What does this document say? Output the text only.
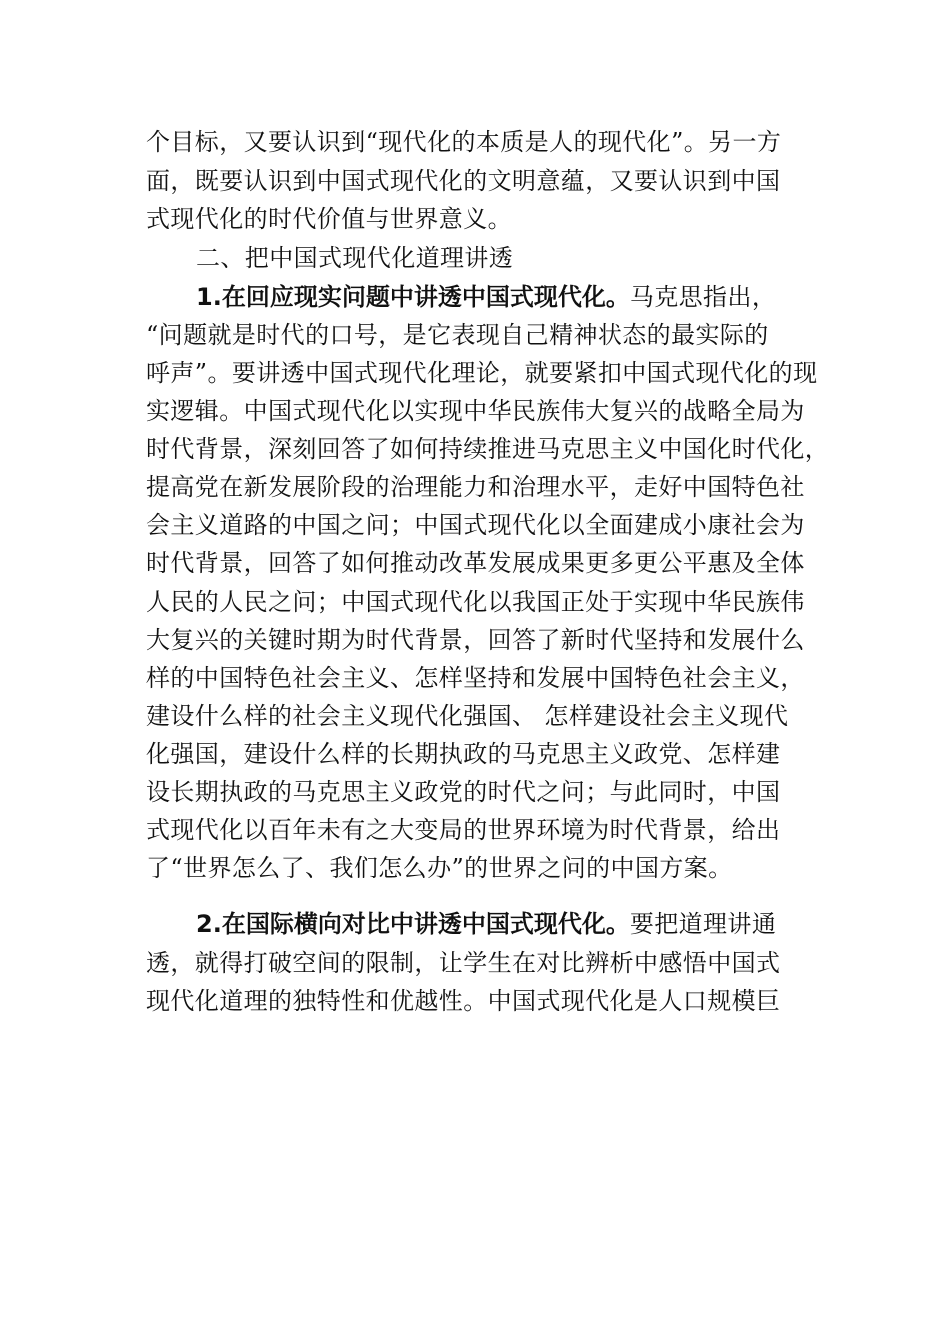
个目标，又要认识到“现代化的本质是人的现代化”。另一方
面，既要认识到中国式现代化的文明意蕴，又要认识到中国
式现代化的时代价值与世界意义。
二、把中国式现代化道理讲透
1.在回应现实问题中讲透中国式现代化。马克思指出，
“问题就是时代的口号，是它表现自己精神状态的最实际的
呼声”。要讲透中国式现代化理论，就要紧扣中国式现代化的现
实逻辑。中国式现代化以实现中华民族伟大复兴的战略全局为
时代背景，深刻回答了如何持续推进马克思主义中国化时代化，
提高党在新发展阶段的治理能力和治理水平，走好中国特色社
会主义道路的中国之问；中国式现代化以全面建成小康社会为
时代背景，回答了如何推动改革发展成果更多更公平惠及全体
人民的人民之问；中国式现代化以我国正处于实现中华民族伟
大复兴的关键时期为时代背景，回答了新时代坚持和发展什么
样的中国特色社会主义、怎样坚持和发展中国特色社会主义，
建设什么样的社会主义现代化强国、 怎样建设社会主义现代
化强国，建设什么样的长期执政的马克思主义政党、怎样建
设长期执政的马克思主义政党的时代之问；与此同时，中国
式现代化以百年未有之大变局的世界环境为时代背景，给出
了“世界怎么了、我们怎么办”的世界之问的中国方案。
2.在国际横向对比中讲透中国式现代化。要把道理讲通
透，就得打破空间的限制，让学生在对比辨析中感悟中国式
现代化道理的独特性和优越性。中国式现代化是人口规模巨
